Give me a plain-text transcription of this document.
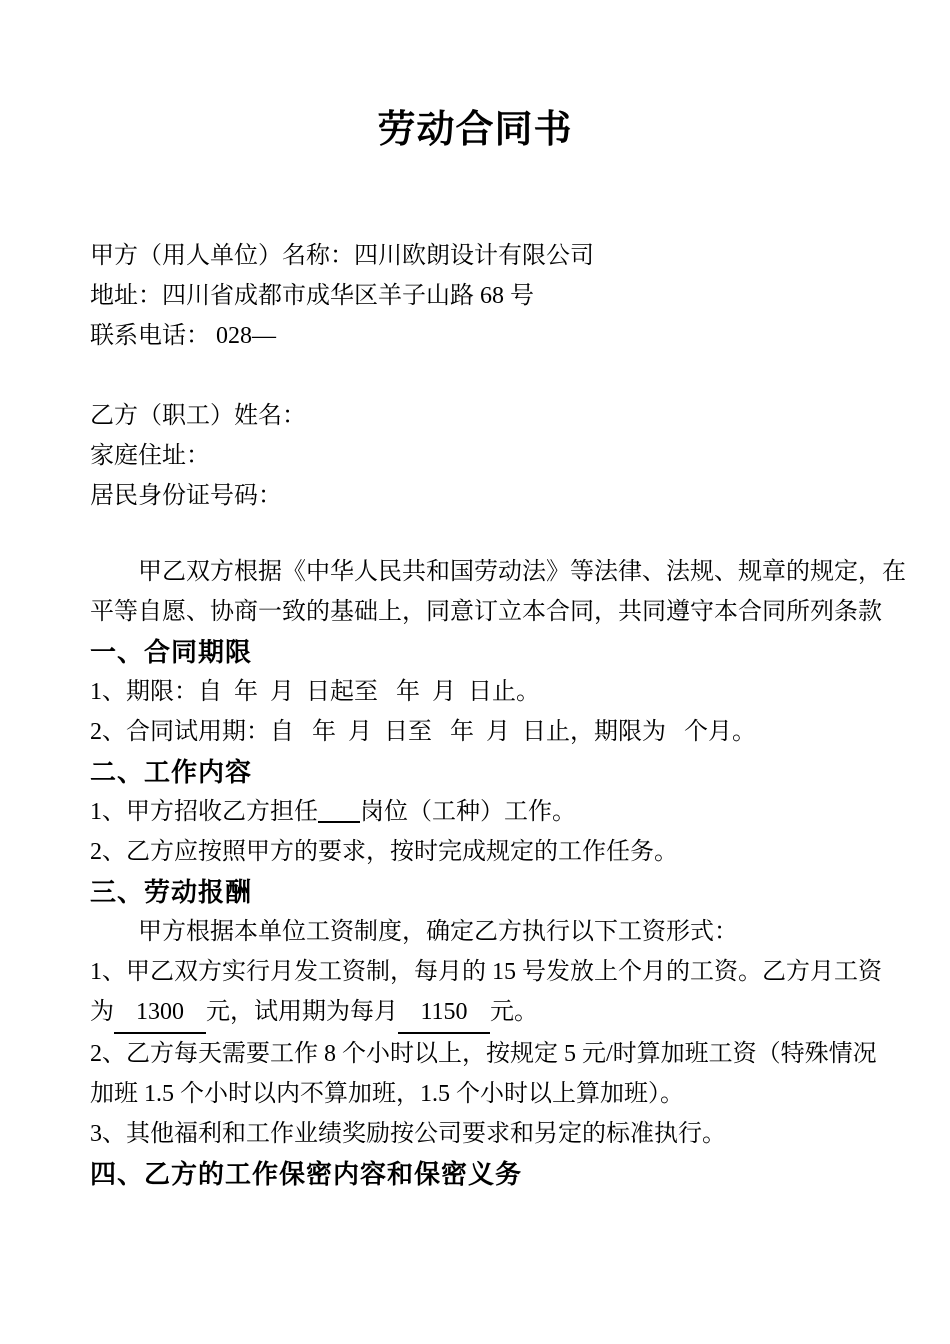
劳动合同书

甲方（用人单位）名称：四川欧朗设计有限公司

地址：四川省成都市成华区羊子山路 68 号

联系电话： 028—

乙方（职工）姓名：

家庭住址：

居民身份证号码：

　　甲乙双方根据《中华人民共和国劳动法》等法律、法规、规章的规定，在

平等自愿、协商一致的基础上，同意订立本合同，共同遵守本合同所列条款

一、合同期限

1、期限：自  年  月  日起至   年  月  日止。

2、合同试用期：自   年  月  日至   年  月  日止，期限为   个月。

二、工作内容

1、甲方招收乙方担任 岗位（工种）工作。

2、乙方应按照甲方的要求，按时完成规定的工作任务。

三、劳动报酬

　　甲方根据本单位工资制度，确定乙方执行以下工资形式：

1、甲乙双方实行月发工资制，每月的 15 号发放上个月的工资。乙方月工资

为 1300 元，试用期为每月 1150 元。

2、乙方每天需要工作 8 个小时以上，按规定 5 元/时算加班工资（特殊情况

加班 1.5 个小时以内不算加班，1.5 个小时以上算加班）。

3、其他福利和工作业绩奖励按公司要求和另定的标准执行。

四、乙方的工作保密内容和保密义务
